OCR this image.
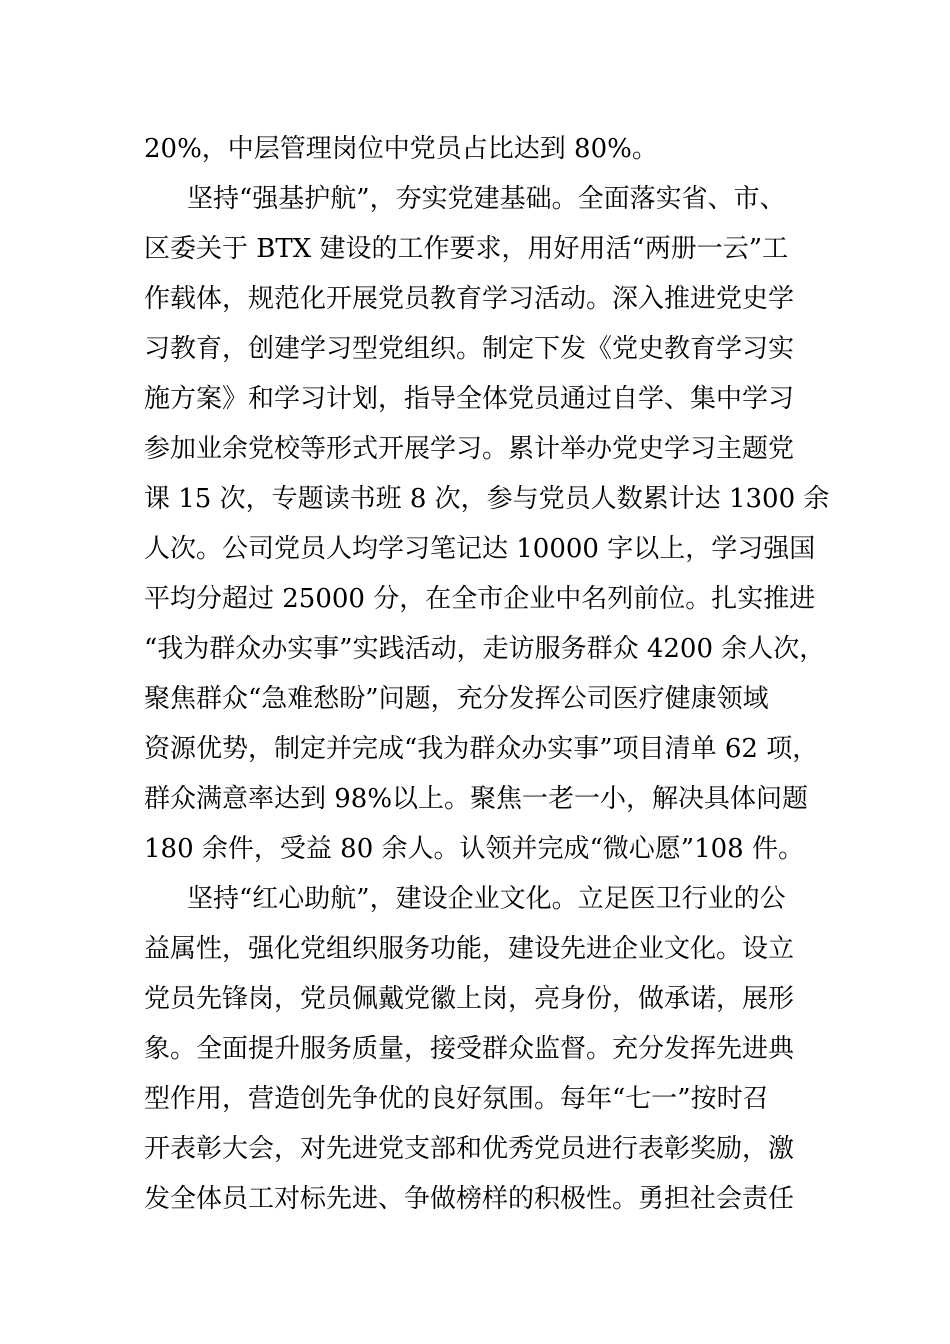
20%，中层管理岗位中党员占比达到 80%。
坚持“强基护航”，夯实党建基础。全面落实省、市、
区委关于 BTX 建设的工作要求，用好用活“两册一云”工
作载体，规范化开展党员教育学习活动。深入推进党史学
习教育，创建学习型党组织。制定下发《党史教育学习实
施方案》和学习计划，指导全体党员通过自学、集中学习
参加业余党校等形式开展学习。累计举办党史学习主题党
课 15 次，专题读书班 8 次，参与党员人数累计达 1300 余
人次。公司党员人均学习笔记达 10000 字以上，学习强国
平均分超过 25000 分，在全市企业中名列前位。扎实推进
“我为群众办实事”实践活动，走访服务群众 4200 余人次，
聚焦群众“急难愁盼”问题，充分发挥公司医疗健康领域
资源优势，制定并完成“我为群众办实事”项目清单 62 项，
群众满意率达到 98%以上。聚焦一老一小，解决具体问题
180 余件，受益 80 余人。认领并完成“微心愿”108 件。
坚持“红心助航”，建设企业文化。立足医卫行业的公
益属性，强化党组织服务功能，建设先进企业文化。设立
党员先锋岗，党员佩戴党徽上岗，亮身份，做承诺，展形
象。全面提升服务质量，接受群众监督。充分发挥先进典
型作用，营造创先争优的良好氛围。每年“七一”按时召
开表彰大会，对先进党支部和优秀党员进行表彰奖励，激
发全体员工对标先进、争做榜样的积极性。勇担社会责任
